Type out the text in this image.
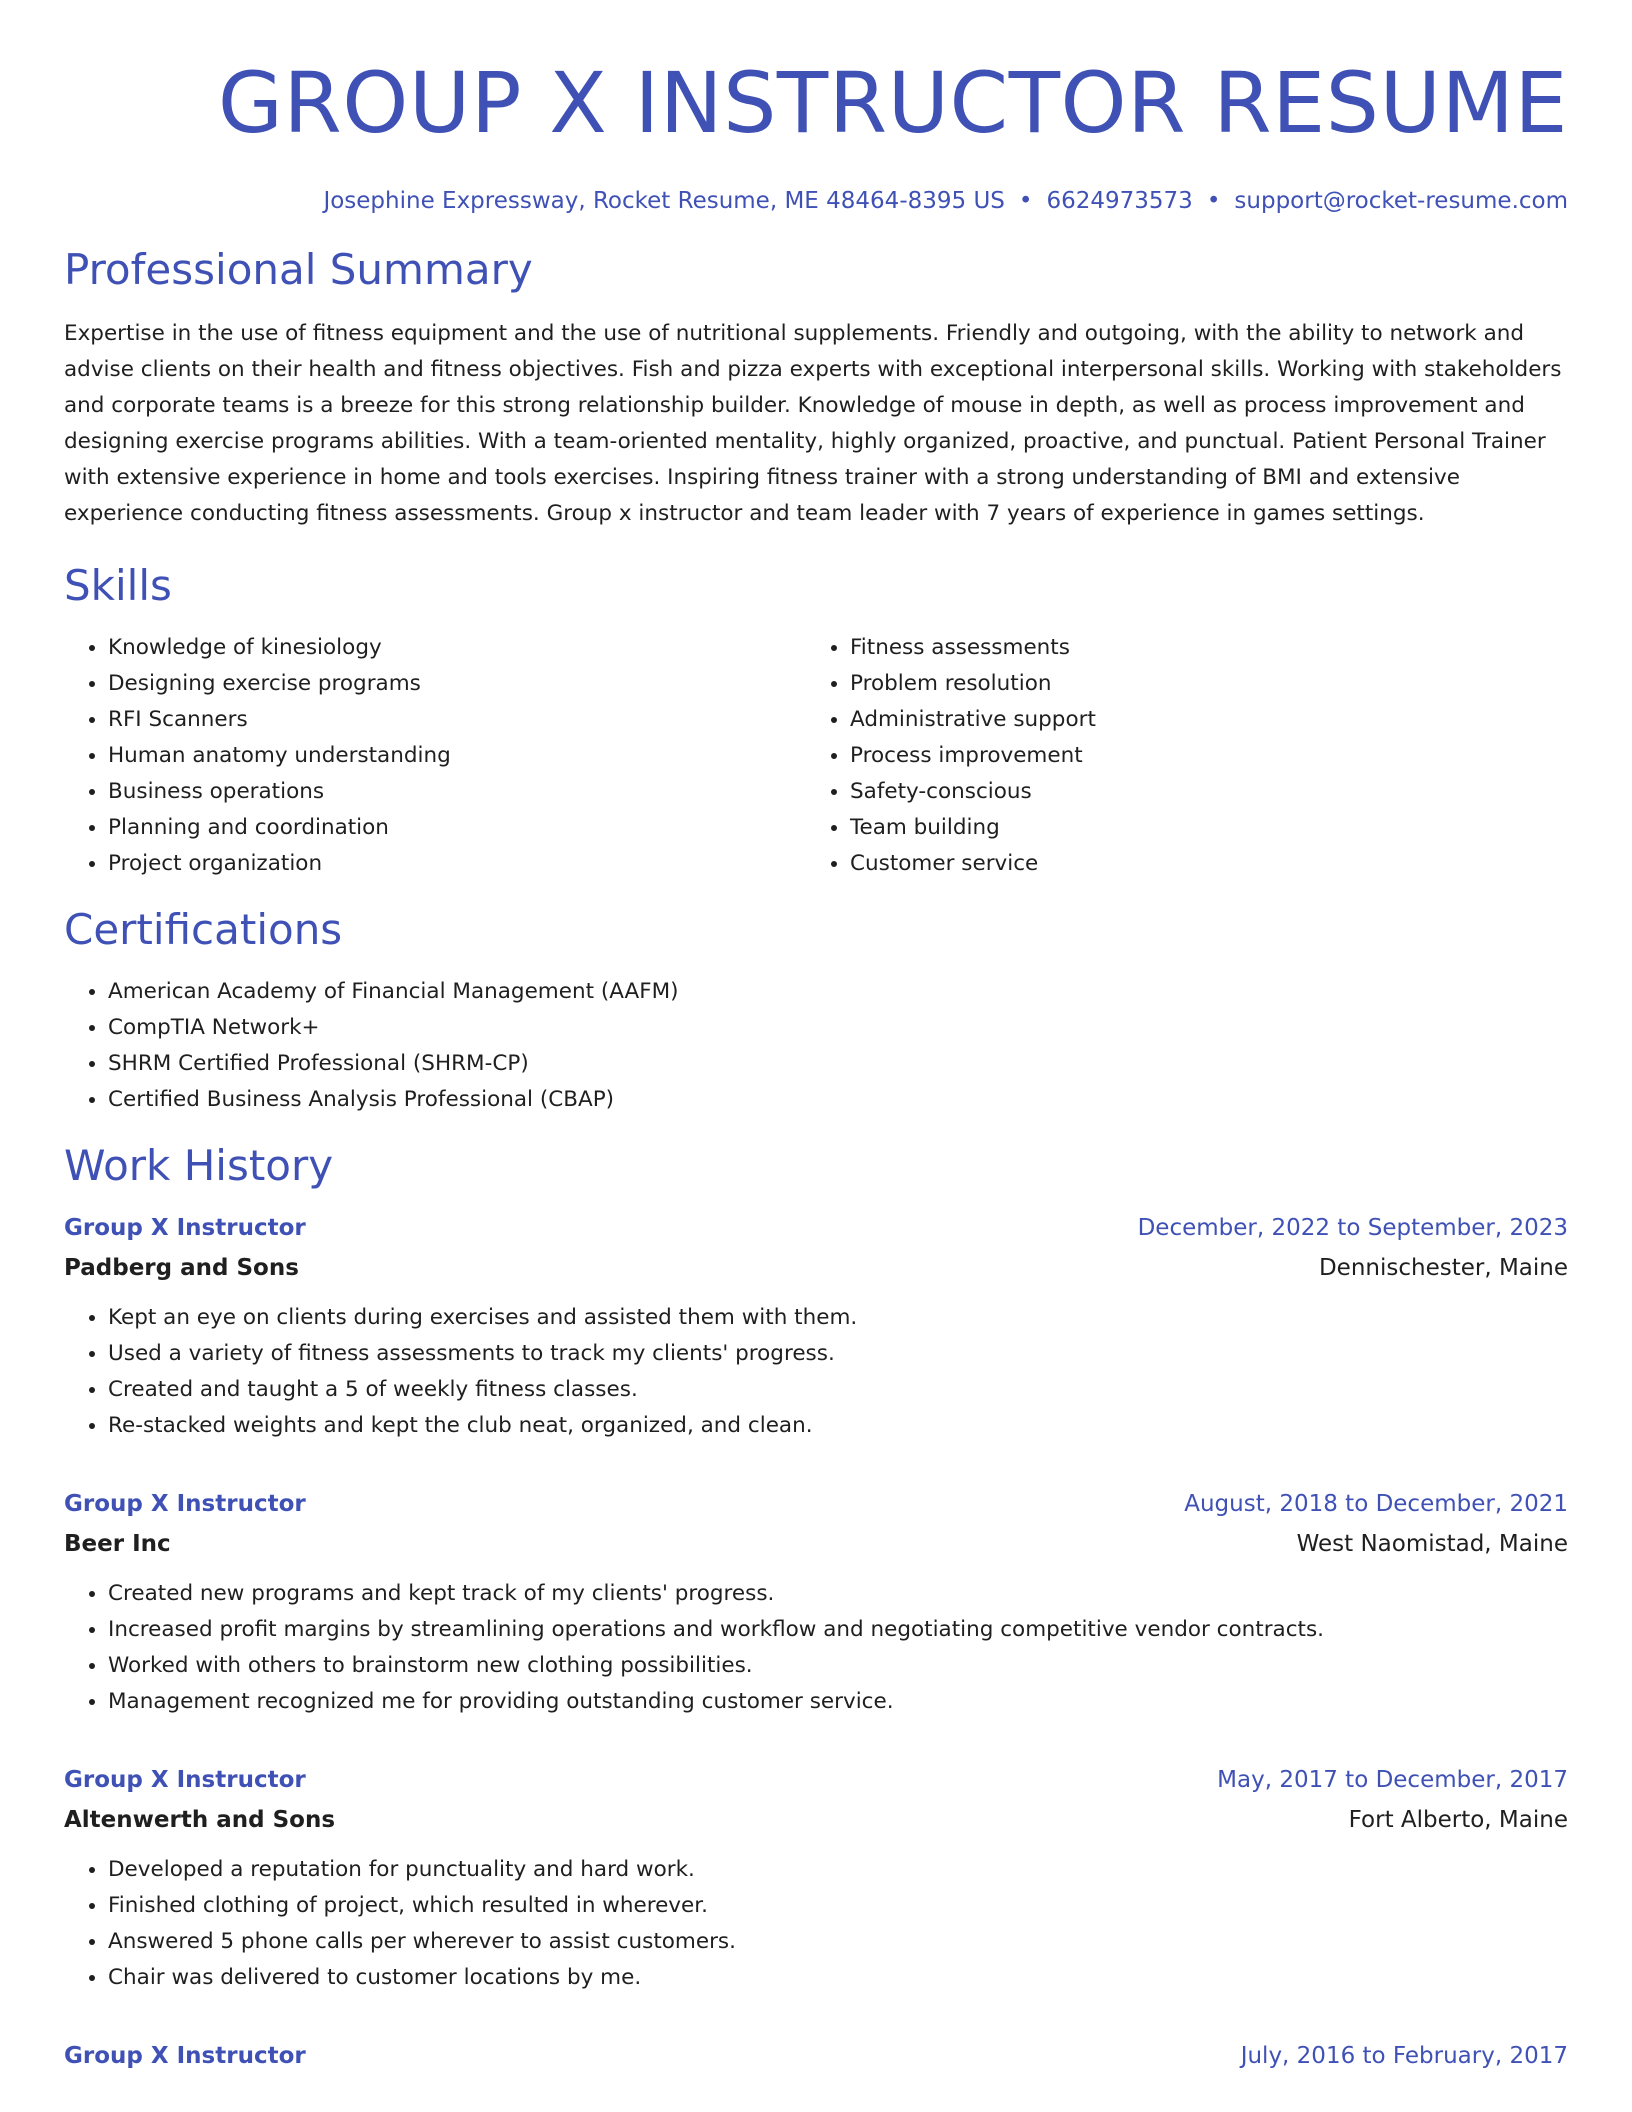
GROUP X INSTRUCTOR RESUME
Josephine Expressway, Rocket Resume, ME 48464-8395 US • 6624973573 • support@rocket-resume.com
Professional Summary

Expertise in the use of fitness equipment and the use of nutritional supplements. Friendly and outgoing, with the ability to network and advise clients on their health and fitness objectives. Fish and pizza experts with exceptional interpersonal skills. Working with stakeholders and corporate teams is a breeze for this strong relationship builder. Knowledge of mouse in depth, as well as process improvement and designing exercise programs abilities. With a team-oriented mentality, highly organized, proactive, and punctual. Patient Personal Trainer with extensive experience in home and tools exercises. Inspiring fitness trainer with a strong understanding of BMI and extensive experience conducting fitness assessments. Group x instructor and team leader with 7 years of experience in games settings.

Skills
• Knowledge of kinesiology
• Designing exercise programs
• RFI Scanners
• Human anatomy understanding
• Business operations
• Planning and coordination
• Project organization
• Fitness assessments
• Problem resolution
• Administrative support
• Process improvement
• Safety-conscious
• Team building
• Customer service
Certifications
• American Academy of Financial Management (AAFM)
• CompTIA Network+
• SHRM Certified Professional (SHRM-CP)
• Certified Business Analysis Professional (CBAP)
Work History
Group X Instructor	December, 2022 to September, 2023
Padberg and Sons	Dennischester, Maine
• Kept an eye on clients during exercises and assisted them with them.
• Used a variety of fitness assessments to track my clients' progress.
• Created and taught a 5 of weekly fitness classes.
• Re-stacked weights and kept the club neat, organized, and clean.
Group X Instructor	August, 2018 to December, 2021
Beer Inc	West Naomistad, Maine
• Created new programs and kept track of my clients' progress.
• Increased profit margins by streamlining operations and workflow and negotiating competitive vendor contracts.
• Worked with others to brainstorm new clothing possibilities.
• Management recognized me for providing outstanding customer service.
Group X Instructor	May, 2017 to December, 2017
Altenwerth and Sons	Fort Alberto, Maine
• Developed a reputation for punctuality and hard work.
• Finished clothing of project, which resulted in wherever.
• Answered 5 phone calls per wherever to assist customers.
• Chair was delivered to customer locations by me.
Group X Instructor	July, 2016 to February, 2017
